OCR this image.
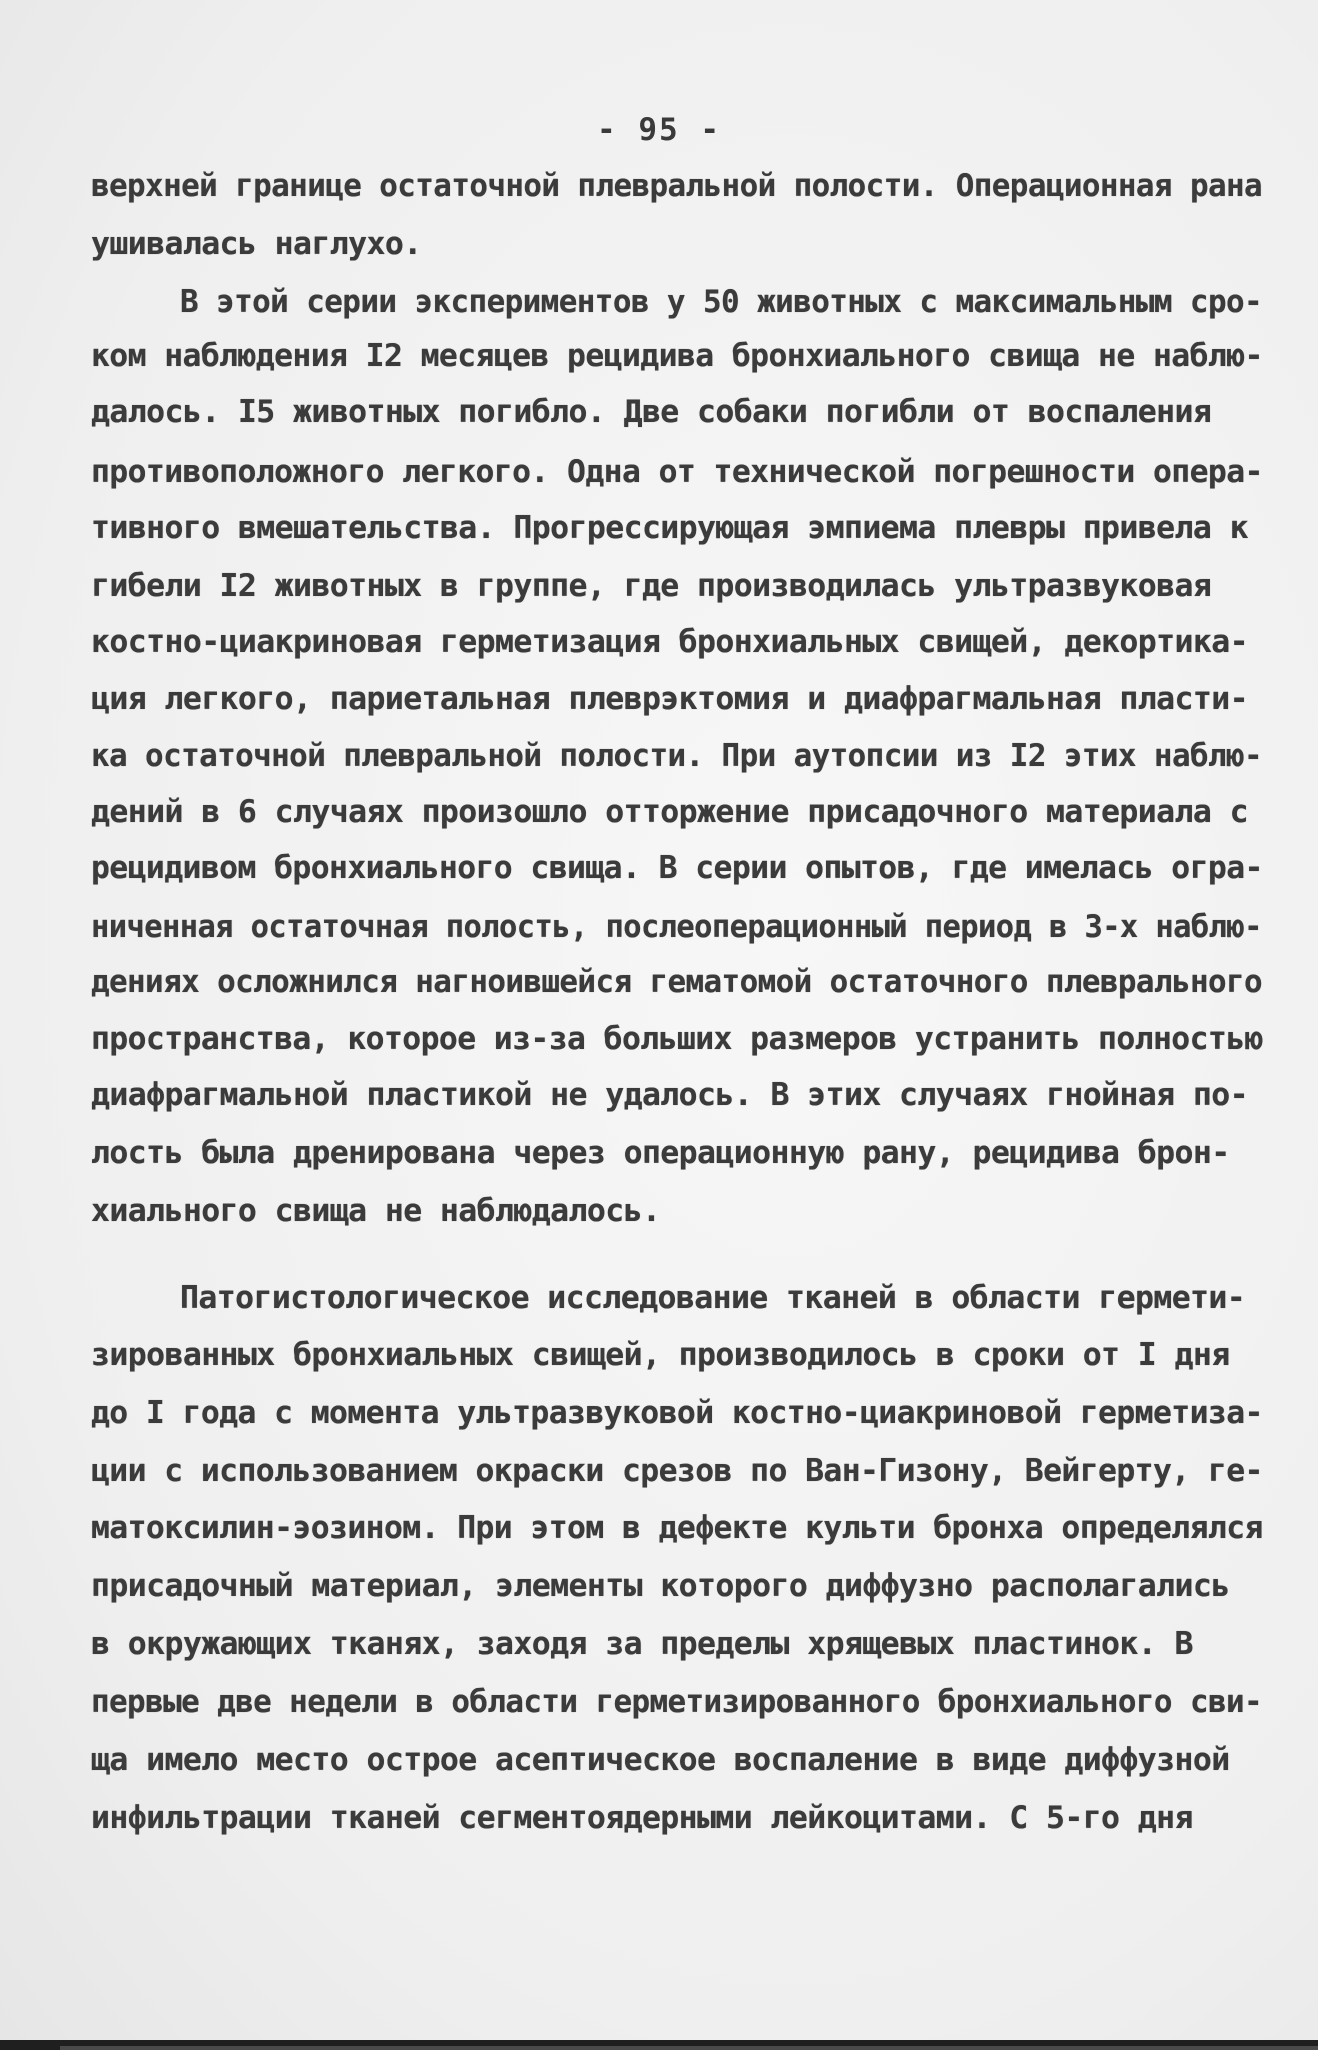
- 95 -
верхней границе остаточной плевральной полости. Операционная рана
ушивалась наглухо.
В этой серии экспериментов у 50 животных с максимальным сро-
ком наблюдения I2 месяцев рецидива бронхиального свища не наблю-
далось. I5 животных погибло. Две собаки погибли от воспаления
противоположного легкого. Одна от технической погрешности опера-
тивного вмешательства. Прогрессирующая эмпиема плевры привела к
гибели I2 животных в группе, где производилась ультразвуковая
костно-циакриновая герметизация бронхиальных свищей, декортика-
ция легкого, париетальная плеврэктомия и диафрагмальная пласти-
ка остаточной плевральной полости. При аутопсии из I2 этих наблю-
дений в 6 случаях произошло отторжение присадочного материала с
рецидивом бронхиального свища. В серии опытов, где имелась огра-
ниченная остаточная полость, послеоперационный период в 3-х наблю-
дениях осложнился нагноившейся гематомой остаточного плеврального
пространства, которое из-за больших размеров устранить полностью
диафрагмальной пластикой не удалось. В этих случаях гнойная по-
лость была дренирована через операционную рану, рецидива брон-
хиального свища не наблюдалось.
Патогистологическое исследование тканей в области гермети-
зированных бронхиальных свищей, производилось в сроки от I дня
до I года с момента ультразвуковой костно-циакриновой герметиза-
ции с использованием окраски срезов по Ван-Гизону, Вейгерту, ге-
матоксилин-эозином. При этом в дефекте культи бронха определялся
присадочный материал, элементы которого диффузно располагались
в окружающих тканях, заходя за пределы хрящевых пластинок. В
первые две недели в области герметизированного бронхиального сви-
ща имело место острое асептическое воспаление в виде диффузной
инфильтрации тканей сегментоядерными лейкоцитами. С 5-го дня
